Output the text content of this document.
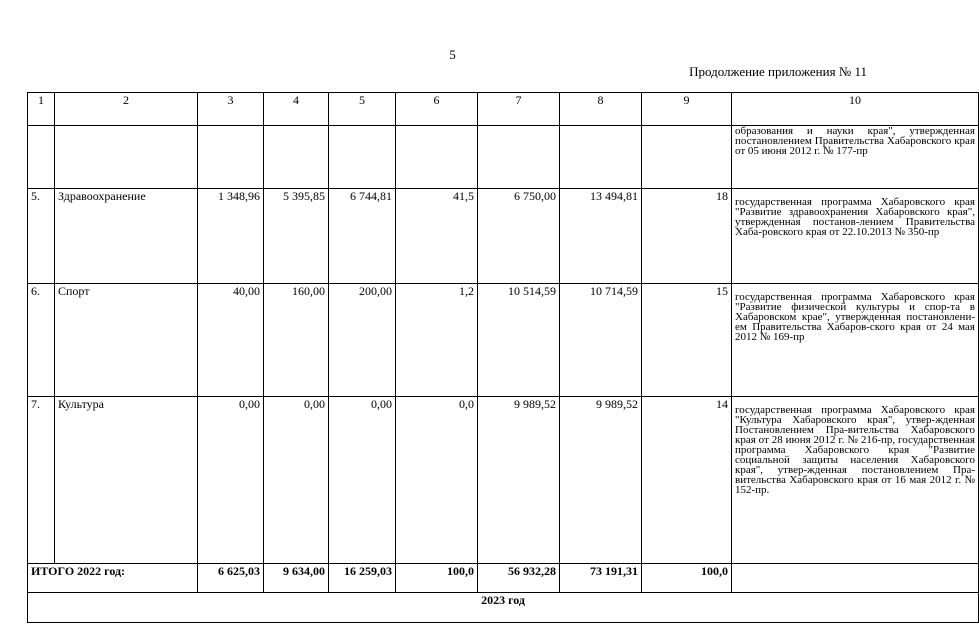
5
Продолжение приложения № 11
1	2	3	4	5	6	7	8	9	10
									образования и науки края", утвержденная постановлением Правительства Хабаровского края от 05 июня 2012 г. № 177-пр
5.	Здравоохранение	1 348,96	5 395,85	6 744,81	41,5	6 750,00	13 494,81	18	государственная программа Хабаровского края "Развитие здравоохранения Хабаровского края", утвержденная постанов-лением Правительства Хаба-ровского края от 22.10.2013 № 350-пр
6.	Спорт	40,00	160,00	200,00	1,2	10 514,59	10 714,59	15	государственная программа Хабаровского края "Развитие физической культуры и спор-та в Хабаровском крае", утвержденная постановлени-ем Правительства Хабаров-ского края от 24 мая 2012 № 169-пр
7.	Культура	0,00	0,00	0,00	0,0	9 989,52	9 989,52	14	государственная программа Хабаровского края "Культура Хабаровского края", утвер-жденная Постановлением Пра-вительства Хабаровского края от 28 июня 2012 г. № 216-пр, государственная программа Хабаровского края "Развитие социальной защиты населения Хабаровского края", утвер-жденная постановлением Пра-вительства Хабаровского края от 16 мая 2012 г. № 152-пр.
ИТОГО 2022 год:		6 625,03	9 634,00	16 259,03	100,0	56 932,28	73 191,31	100,0	
2023 год									
